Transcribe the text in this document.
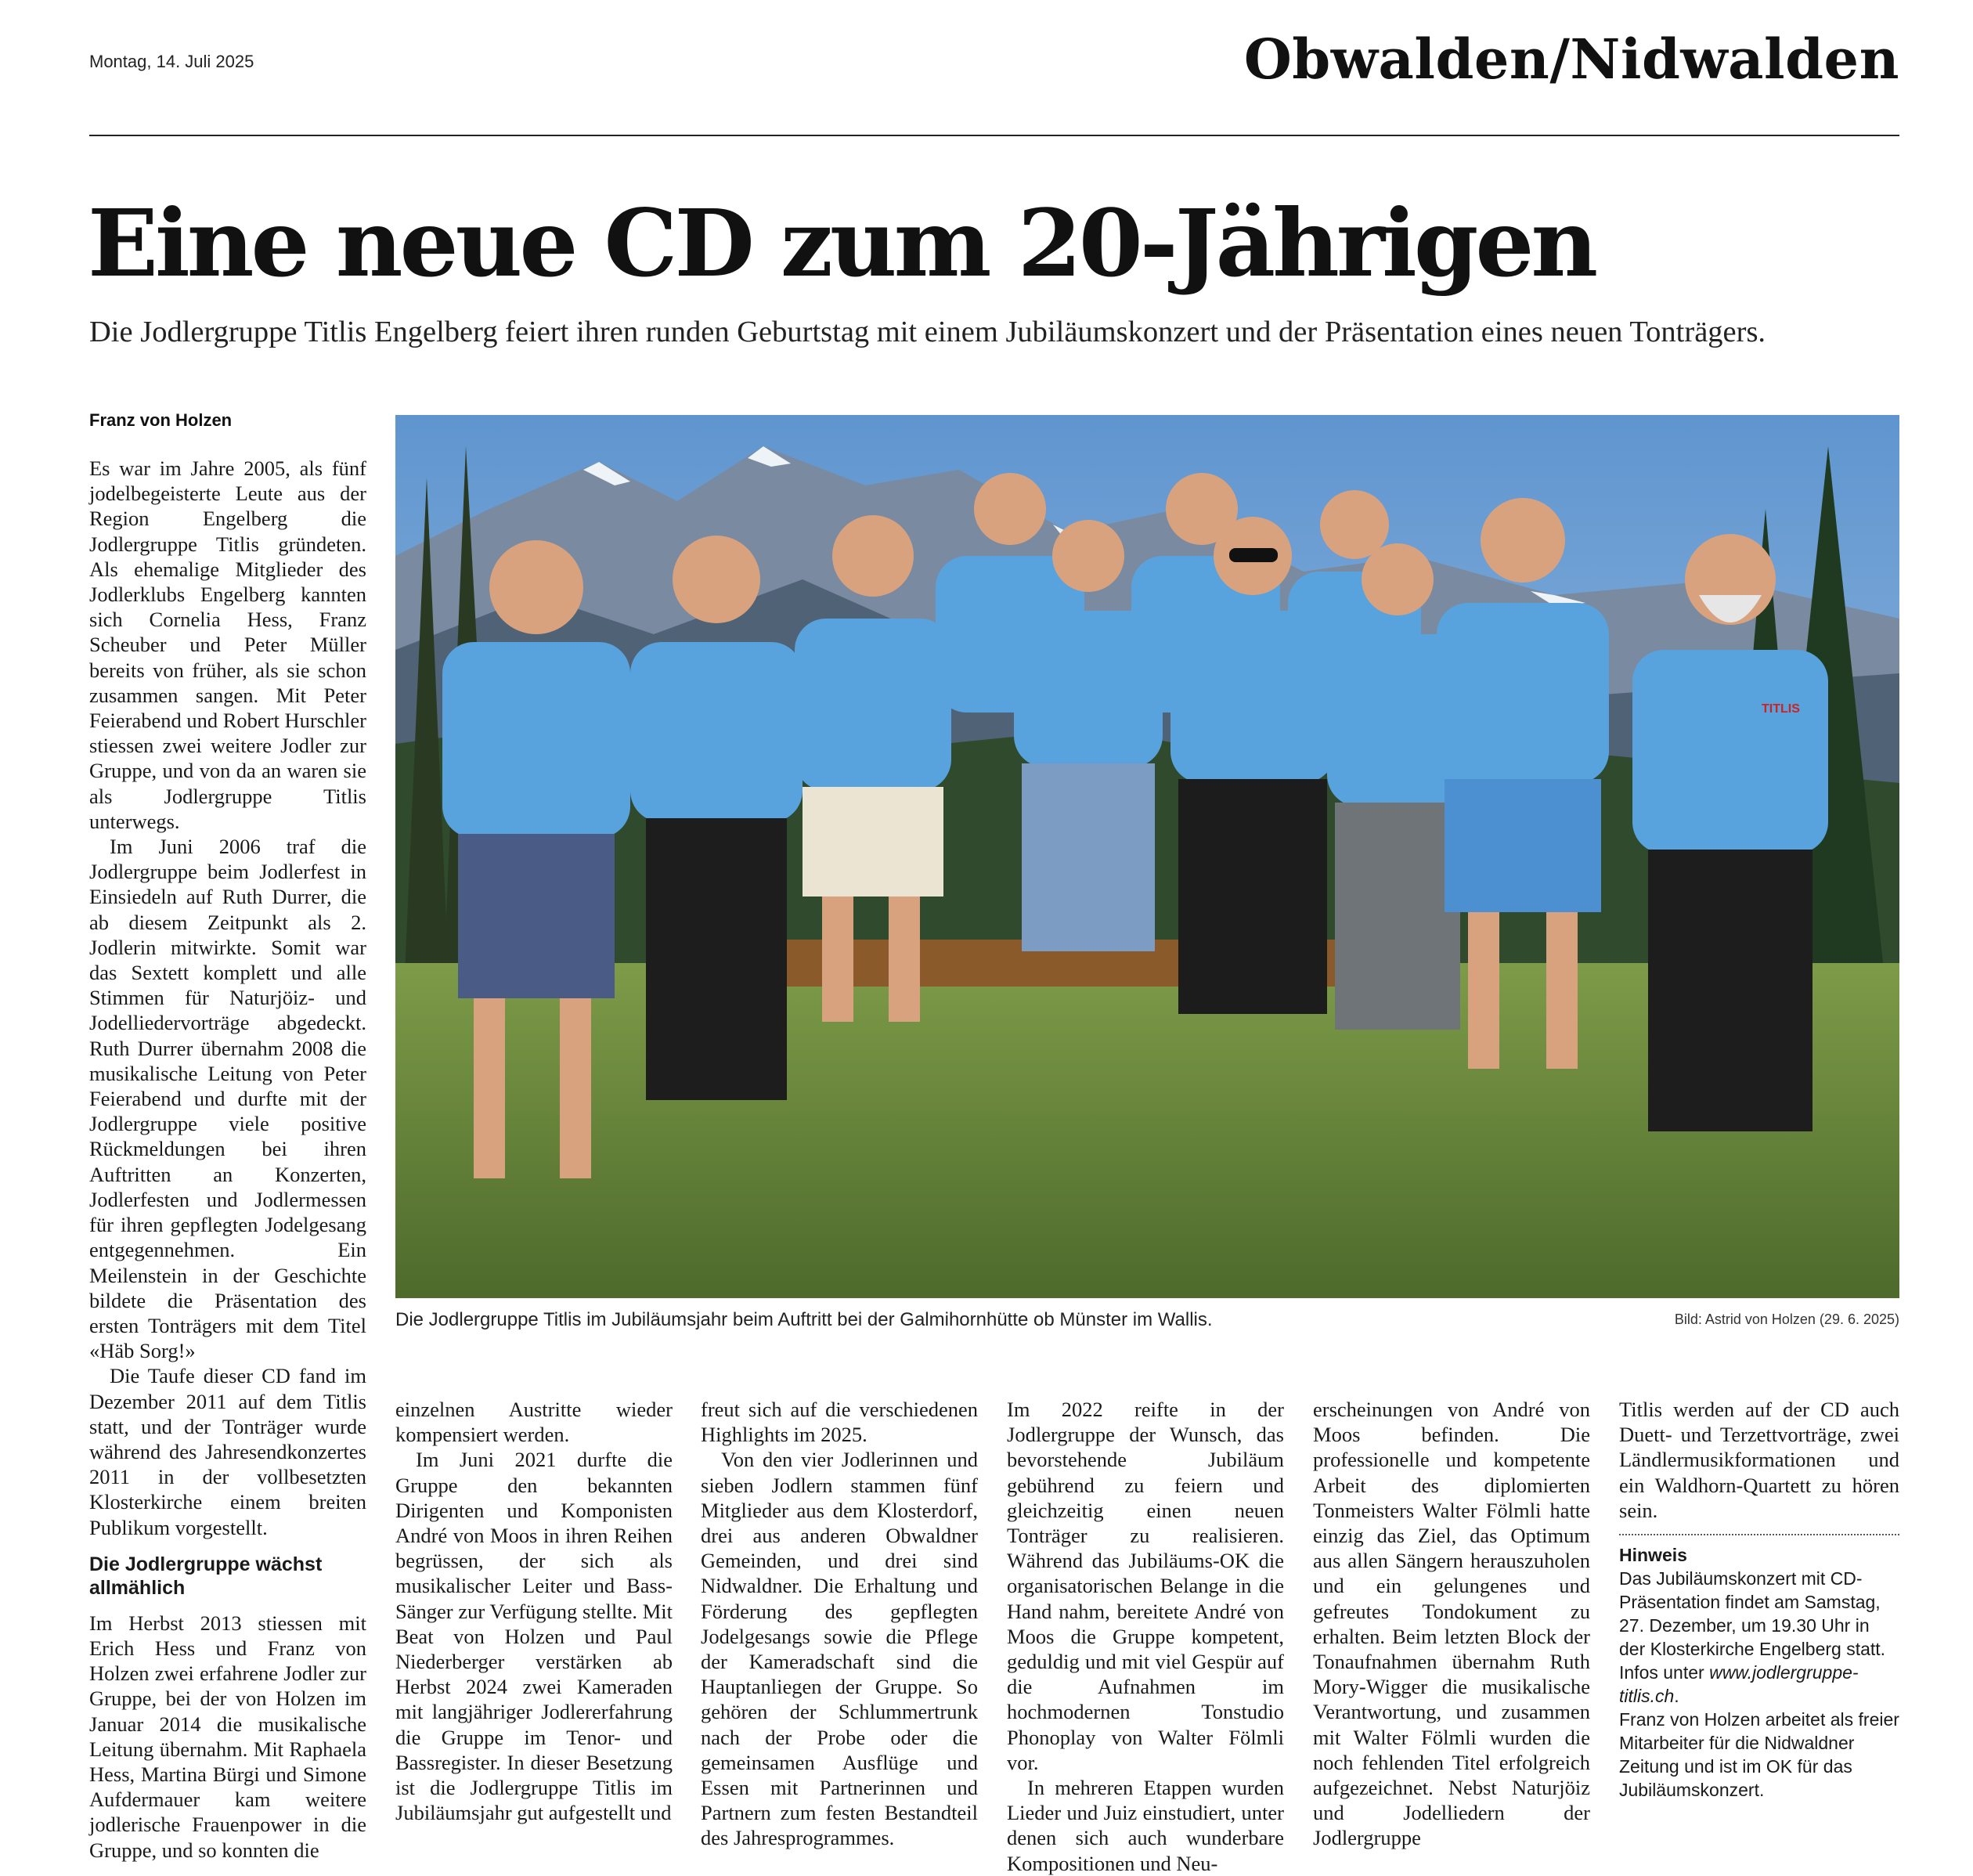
Montag, 14. Juli 2025	Obwalden/Nidwalden
Eine neue CD zum 20-Jährigen
Die Jodlergruppe Titlis Engelberg feiert ihren runden Geburtstag mit einem Jubiläumskonzert und der Präsentation eines neuen Tonträgers.
Franz von Holzen

Es war im Jahre 2005, als fünf jodelbegeisterte Leute aus der Region Engelberg die Jodlergruppe Titlis gründeten. Als ehemalige Mitglieder des Jodlerklubs Engelberg kannten sich Cornelia Hess, Franz Scheuber und Peter Müller bereits von früher, als sie schon zusammen sangen. Mit Peter Feierabend und Robert Hurschler stiessen zwei weitere Jodler zur Gruppe, und von da an waren sie als Jodlergruppe Titlis unterwegs.

Im Juni 2006 traf die Jodlergruppe beim Jodlerfest in Einsiedeln auf Ruth Durrer, die ab diesem Zeitpunkt als 2. Jodlerin mitwirkte. Somit war das Sextett komplett und alle Stimmen für Naturjöiz- und Jodelliedervorträge abgedeckt. Ruth Durrer übernahm 2008 die musikalische Leitung von Peter Feierabend und durfte mit der Jodlergruppe viele positive Rückmeldungen bei ihren Auftritten an Konzerten, Jodlerfesten und Jodlermessen für ihren gepflegten Jodelgesang entgegennehmen. Ein Meilenstein in der Geschichte bildete die Präsentation des ersten Tonträgers mit dem Titel «Häb Sorg!»

Die Taufe dieser CD fand im Dezember 2011 auf dem Titlis statt, und der Tonträger wurde während des Jahresendkonzertes 2011 in der vollbesetzten Klosterkirche einem breiten Publikum vorgestellt.

Die Jodlergruppe wächst allmählich

Im Herbst 2013 stiessen mit Erich Hess und Franz von Holzen zwei erfahrene Jodler zur Gruppe, bei der von Holzen im Januar 2014 die musikalische Leitung übernahm. Mit Raphaela Hess, Martina Bürgi und Simone Aufdermauer kam weitere jodlerische Frauenpower in die Gruppe, und so konnten die

TITLIS
Die Jodlergruppe Titlis im Jubiläumsjahr beim Auftritt bei der Galmihornhütte ob Münster im Wallis.	Bild: Astrid von Holzen (29. 6. 2025)

einzelnen Austritte wieder kompensiert werden.

Im Juni 2021 durfte die Gruppe den bekannten Dirigenten und Komponisten André von Moos in ihren Reihen begrüssen, der sich als musikalischer Leiter und Bass-Sänger zur Verfügung stellte. Mit Beat von Holzen und Paul Niederberger verstärken ab Herbst 2024 zwei Kameraden mit langjähriger Jodlererfahrung die Gruppe im Tenor- und Bassregister. In dieser Besetzung ist die Jodlergruppe Titlis im Jubiläumsjahr gut aufgestellt und

freut sich auf die verschiedenen Highlights im 2025.

Von den vier Jodlerinnen und sieben Jodlern stammen fünf Mitglieder aus dem Klosterdorf, drei aus anderen Obwaldner Gemeinden, und drei sind Nidwaldner. Die Erhaltung und Förderung des gepflegten Jodelgesangs sowie die Pflege der Kameradschaft sind die Hauptanliegen der Gruppe. So gehören der Schlummertrunk nach der Probe oder die gemeinsamen Ausflüge und Essen mit Partnerinnen und Partnern zum festen Bestandteil des Jahresprogrammes.

Im 2022 reifte in der Jodlergruppe der Wunsch, das bevorstehende Jubiläum gebührend zu feiern und gleichzeitig einen neuen Tonträger zu realisieren. Während das Jubiläums-OK die organisatorischen Belange in die Hand nahm, bereitete André von Moos die Gruppe kompetent, geduldig und mit viel Gespür auf die Aufnahmen im hochmodernen Tonstudio Phonoplay von Walter Fölmli vor.

In mehreren Etappen wurden Lieder und Juiz einstudiert, unter denen sich auch wunderbare Kompositionen und Neu-

erscheinungen von André von Moos befinden. Die professionelle und kompetente Arbeit des diplomierten Tonmeisters Walter Fölmli hatte einzig das Ziel, das Optimum aus allen Sängern herauszuholen und ein gelungenes und gefreutes Tondokument zu erhalten. Beim letzten Block der Tonaufnahmen übernahm Ruth Mory-Wigger die musikalische Verantwortung, und zusammen mit Walter Fölmli wurden die noch fehlenden Titel erfolgreich aufgezeichnet. Nebst Naturjöiz und Jodelliedern der Jodlergruppe

Titlis werden auf der CD auch Duett- und Terzettvorträge, zwei Ländlermusikformationen und ein Waldhorn-Quartett zu hören sein.

Hinweis
Das Jubiläumskonzert mit CD-Präsentation findet am Samstag, 27. Dezember, um 19.30 Uhr in der Klosterkirche Engelberg statt. Infos unter www.jodlergruppe-titlis.ch.
Franz von Holzen arbeitet als freier Mitarbeiter für die Nidwaldner Zeitung und ist im OK für das Jubiläumskonzert.
